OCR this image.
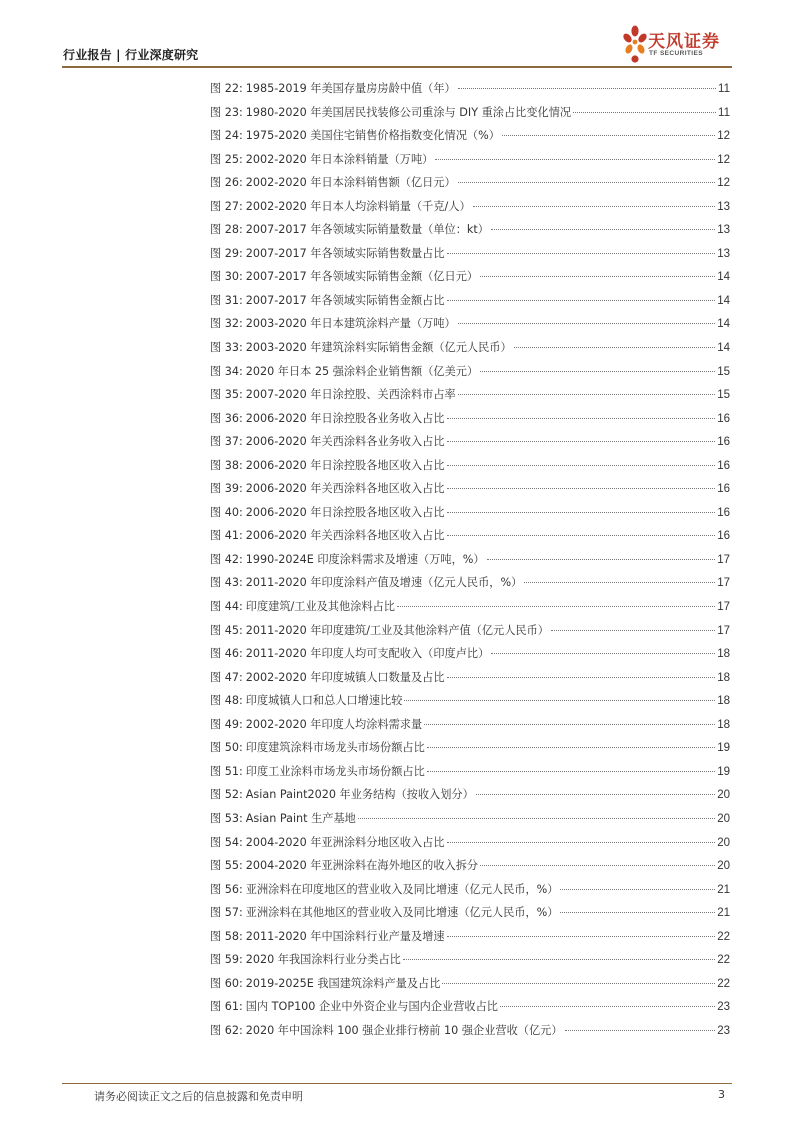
行业报告 | 行业深度研究
天风证券
TF SECURITIES
图 22: 1985-2019 年美国存量房房龄中值（年）	11
图 23: 1980-2020 年美国居民找装修公司重涂与 DIY 重涂占比变化情况	11
图 24: 1975-2020 美国住宅销售价格指数变化情况（%）	12
图 25: 2002-2020 年日本涂料销量（万吨）	12
图 26: 2002-2020 年日本涂料销售额（亿日元）	12
图 27: 2002-2020 年日本人均涂料销量（千克/人）	13
图 28: 2007-2017 年各领域实际销量数量（单位：kt）	13
图 29: 2007-2017 年各领域实际销售数量占比	13
图 30: 2007-2017 年各领域实际销售金额（亿日元）	14
图 31: 2007-2017 年各领域实际销售金额占比	14
图 32: 2003-2020 年日本建筑涂料产量（万吨）	14
图 33: 2003-2020 年建筑涂料实际销售金额（亿元人民币）	14
图 34: 2020 年日本 25 强涂料企业销售额（亿美元）	15
图 35: 2007-2020 年日涂控股、关西涂料市占率	15
图 36: 2006-2020 年日涂控股各业务收入占比	16
图 37: 2006-2020 年关西涂料各业务收入占比	16
图 38: 2006-2020 年日涂控股各地区收入占比	16
图 39: 2006-2020 年关西涂料各地区收入占比	16
图 40: 2006-2020 年日涂控股各地区收入占比	16
图 41: 2006-2020 年关西涂料各地区收入占比	16
图 42: 1990-2024E 印度涂料需求及增速（万吨，%）	17
图 43: 2011-2020 年印度涂料产值及增速（亿元人民币，%）	17
图 44: 印度建筑/工业及其他涂料占比	17
图 45: 2011-2020 年印度建筑/工业及其他涂料产值（亿元人民币）	17
图 46: 2011-2020 年印度人均可支配收入（印度卢比）	18
图 47: 2002-2020 年印度城镇人口数量及占比	18
图 48: 印度城镇人口和总人口增速比较	18
图 49: 2002-2020 年印度人均涂料需求量	18
图 50: 印度建筑涂料市场龙头市场份额占比	19
图 51: 印度工业涂料市场龙头市场份额占比	19
图 52: Asian Paint2020 年业务结构（按收入划分）	20
图 53: Asian Paint 生产基地	20
图 54: 2004-2020 年亚洲涂料分地区收入占比	20
图 55: 2004-2020 年亚洲涂料在海外地区的收入拆分	20
图 56: 亚洲涂料在印度地区的营业收入及同比增速（亿元人民币，%）	21
图 57: 亚洲涂料在其他地区的营业收入及同比增速（亿元人民币，%）	21
图 58: 2011-2020 年中国涂料行业产量及增速	22
图 59: 2020 年我国涂料行业分类占比	22
图 60: 2019-2025E 我国建筑涂料产量及占比	22
图 61: 国内 TOP100 企业中外资企业与国内企业营收占比	23
图 62: 2020 年中国涂料 100 强企业排行榜前 10 强企业营收（亿元）	23
请务必阅读正文之后的信息披露和免责申明	3
